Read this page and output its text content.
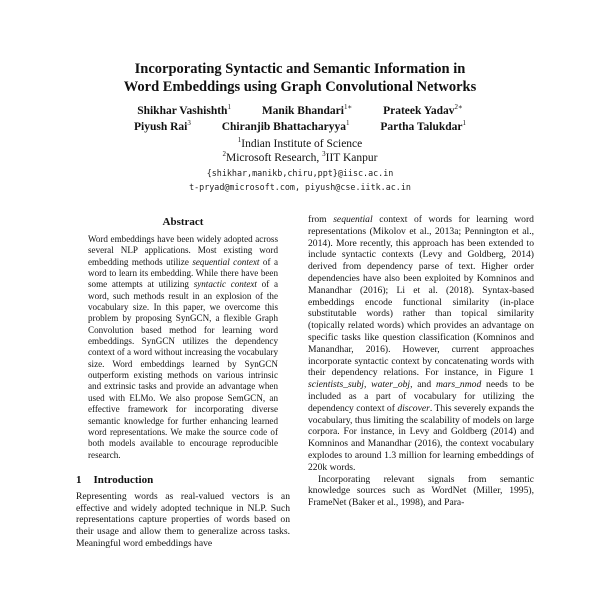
Incorporating Syntactic and Semantic Information in
Word Embeddings using Graph Convolutional Networks
Shikhar Vashishth$^1$	Manik Bhandari$^{1∗}$	Prateek Yadav$^{2∗}$
Piyush Rai$^3$	Chiranjib Bhattacharyya$^1$	Partha Talukdar$^1$
$^1$Indian Institute of Science
$^2$Microsoft Research, $^3$IIT Kanpur
{shikhar,manikb,chiru,ppt}@iisc.ac.in
t-pryad@microsoft.com, piyush@cse.iitk.ac.in
Abstract

Word embeddings have been widely adopted across several NLP applications. Most existing word embedding methods utilize sequential context of a word to learn its embedding. While there have been some attempts at utilizing syntactic context of a word, such methods result in an explosion of the vocabulary size. In this paper, we overcome this problem by proposing SynGCN, a flexible Graph Convolution based method for learning word embeddings. SynGCN utilizes the dependency context of a word without increasing the vocabulary size. Word embeddings learned by SynGCN outperform existing methods on various intrinsic and extrinsic tasks and provide an advantage when used with ELMo. We also propose SemGCN, an effective framework for incorporating diverse semantic knowledge for further enhancing learned word representations. We make the source code of both models available to encourage reproducible research.

1 Introduction

Representing words as real-valued vectors is an effective and widely adopted technique in NLP. Such representations capture properties of words based on their usage and allow them to generalize across tasks. Meaningful word embeddings have

from sequential context of words for learning word representations (Mikolov et al., 2013a; Pennington et al., 2014). More recently, this approach has been extended to include syntactic contexts (Levy and Goldberg, 2014) derived from dependency parse of text. Higher order dependencies have also been exploited by Komninos and Manandhar (2016); Li et al. (2018). Syntax-based embeddings encode functional similarity (in-place substitutable words) rather than topical similarity (topically related words) which provides an advantage on specific tasks like question classification (Komninos and Manandhar, 2016). However, current approaches incorporate syntactic context by concatenating words with their dependency relations. For instance, in Figure 1 scientists_subj, water_obj, and mars_nmod needs to be included as a part of vocabulary for utilizing the dependency context of discover. This severely expands the vocabulary, thus limiting the scalability of models on large corpora. For instance, in Levy and Goldberg (2014) and Komninos and Manandhar (2016), the context vocabulary explodes to around 1.3 million for learning embeddings of 220k words.

Incorporating relevant signals from semantic knowledge sources such as WordNet (Miller, 1995), FrameNet (Baker et al., 1998), and Para-
